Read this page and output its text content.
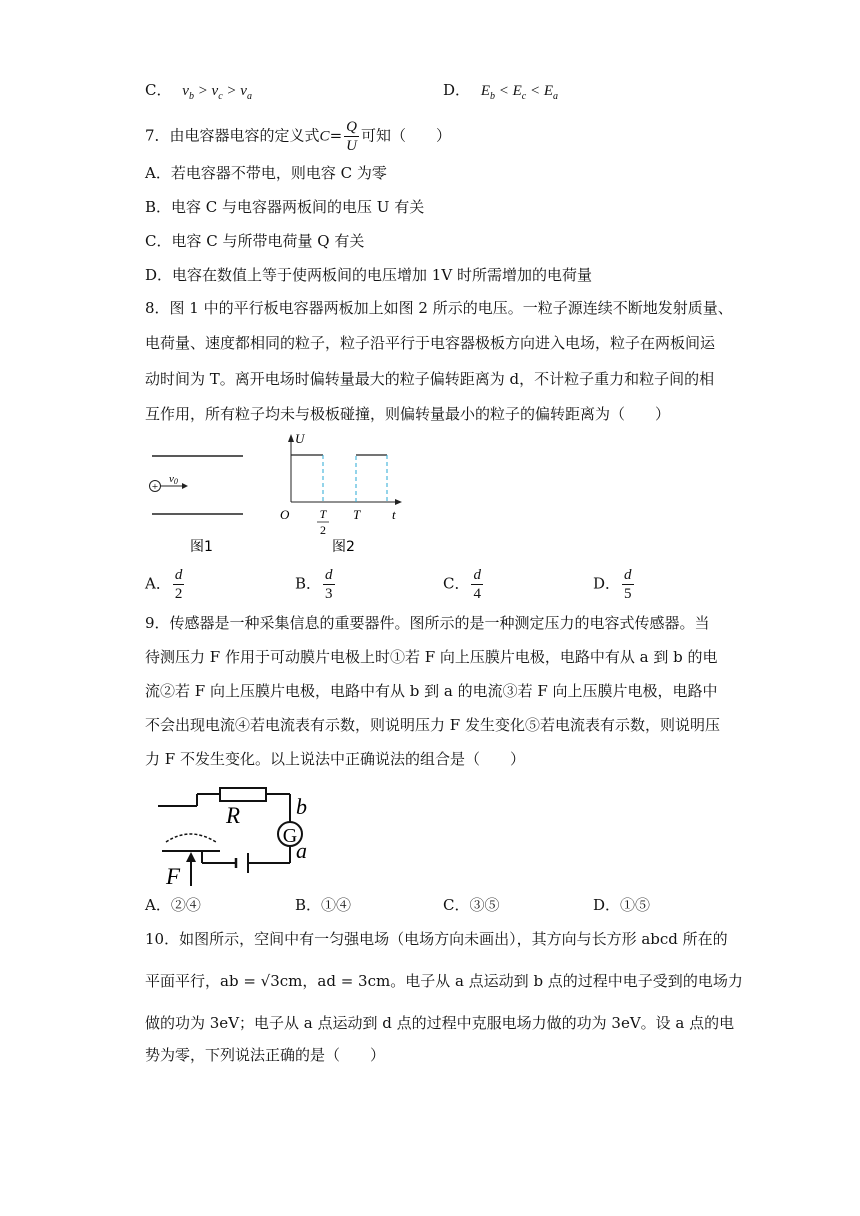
C． $v_b > v_c > v_a$	D． $E_b < E_c < E_a$
7．由电容器电容的定义式$C= \frac{Q}{U}$ 可知（　　）
A．若电容器不带电，则电容 C 为零
B．电容 C 与电容器两板间的电压 U 有关
C．电容 C 与所带电荷量 Q 有关
D．电容在数值上等于使两板间的电压增加 1V 时所需增加的电荷量
8．图 1 中的平行板电容器两板加上如图 2 所示的电压。一粒子源连续不断地发射质量、
电荷量、速度都相同的粒子，粒子沿平行于电容器极板方向进入电场，粒子在两板间运
动时间为 T。离开电场时偏转量最大的粒子偏转距离为 d，不计粒子重力和粒子间的相
互作用，所有粒子均未与极板碰撞，则偏转量最小的粒子的偏转距离为（　　）
+
v0
图1
U
t
O	T
2
T
图2
A． $\frac{d}{2}$	B． $\frac{d}{3}$	C． $\frac{d}{4}$	D． $\frac{d}{5}$
9．传感器是一种采集信息的重要器件。图所示的是一种测定压力的电容式传感器。当
待测压力 F 作用于可动膜片电极上时①若 F 向上压膜片电极，电路中有从 a 到 b 的电
流②若 F 向上压膜片电极，电路中有从 b 到 a 的电流③若 F 向上压膜片电极，电路中
不会出现电流④若电流表有示数，则说明压力 F 发生变化⑤若电流表有示数，则说明压
力 F 不发生变化。以上说法中正确说法的组合是（　　）
G
R	b
a
F
A．②④	B．①④	C．③⑤	D．①⑤
10．如图所示，空间中有一匀强电场（电场方向未画出），其方向与长方形 abcd 所在的
平面平行，ab = √3cm，ad = 3cm。电子从 a 点运动到 b 点的过程中电子受到的电场力
做的功为 3eV；电子从 a 点运动到 d 点的过程中克服电场力做的功为 3eV。设 a 点的电
势为零，下列说法正确的是（　　）
